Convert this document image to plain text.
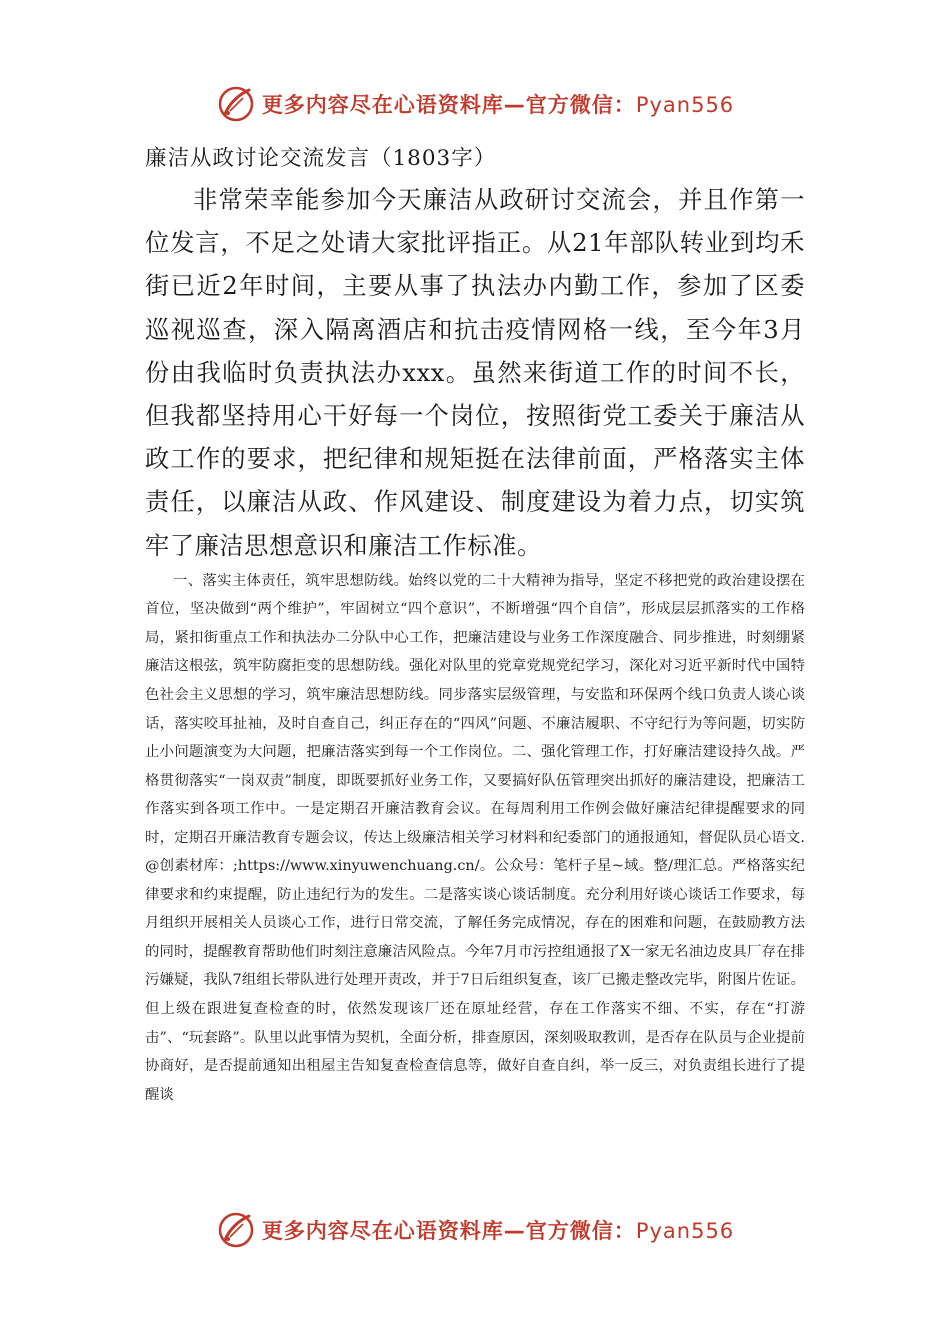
更多内容尽在心语资料库—官方微信：Pyan556
廉洁从政讨论交流发言（1803字）

非常荣幸能参加今天廉洁从政研讨交流会，并且作第一位发言，不足之处请大家批评指正。从21年部队转业到均禾街已近2年时间，主要从事了执法办内勤工作，参加了区委巡视巡查，深入隔离酒店和抗击疫情网格一线，至今年3月份由我临时负责执法办xxx。虽然来街道工作的时间不长，但我都坚持用心干好每一个岗位，按照街党工委关于廉洁从政工作的要求，把纪律和规矩挺在法律前面，严格落实主体责任，以廉洁从政、作风建设、制度建设为着力点，切实筑牢了廉洁思想意识和廉洁工作标准。

一、落实主体责任，筑牢思想防线。始终以党的二十大精神为指导，坚定不移把党的政治建设摆在首位，坚决做到“两个维护”，牢固树立“四个意识”，不断增强“四个自信”，形成层层抓落实的工作格局，紧扣街重点工作和执法办二分队中心工作，把廉洁建设与业务工作深度融合、同步推进，时刻绷紧廉洁这根弦，筑牢防腐拒变的思想防线。强化对队里的党章党规党纪学习，深化对习近平新时代中国特色社会主义思想的学习，筑牢廉洁思想防线。同步落实层级管理，与安监和环保两个线口负责人谈心谈话，落实咬耳扯袖，及时自查自己，纠正存在的“四风”问题、不廉洁履职、不守纪行为等问题，切实防止小问题演变为大问题，把廉洁落实到每一个工作岗位。二、强化管理工作，打好廉洁建设持久战。严格贯彻落实“一岗双责”制度，即既要抓好业务工作，又要搞好队伍管理突出抓好的廉洁建设，把廉洁工作落实到各项工作中。一是定期召开廉洁教育会议。在每周利用工作例会做好廉洁纪律提醒要求的同时，定期召开廉洁教育专题会议，传达上级廉洁相关学习材料和纪委部门的通报通知，督促队员心语文.@创素材库：;https://www.xinyuwenchuang.cn/。公众号：笔杆子星~域。整/理汇总。严格落实纪律要求和约束提醒，防止违纪行为的发生。二是落实谈心谈话制度。充分利用好谈心谈话工作要求，每月组织开展相关人员谈心工作，进行日常交流，了解任务完成情况，存在的困难和问题，在鼓励教方法的同时，提醒教育帮助他们时刻注意廉洁风险点。今年7月市污控组通报了X一家无名油边皮具厂存在排污嫌疑，我队7组组长带队进行处理开责改，并于7日后组织复查，该厂已搬走整改完毕，附图片佐证。但上级在跟进复查检查的时，依然发现该厂还在原址经营，存在工作落实不细、不实，存在“打游击”、“玩套路”。队里以此事情为契机，全面分析，排查原因，深刻吸取教训，是否存在队员与企业提前协商好，是否提前通知出租屋主告知复查检查信息等，做好自查自纠，举一反三，对负责组长进行了提醒谈

更多内容尽在心语资料库—官方微信：Pyan556
